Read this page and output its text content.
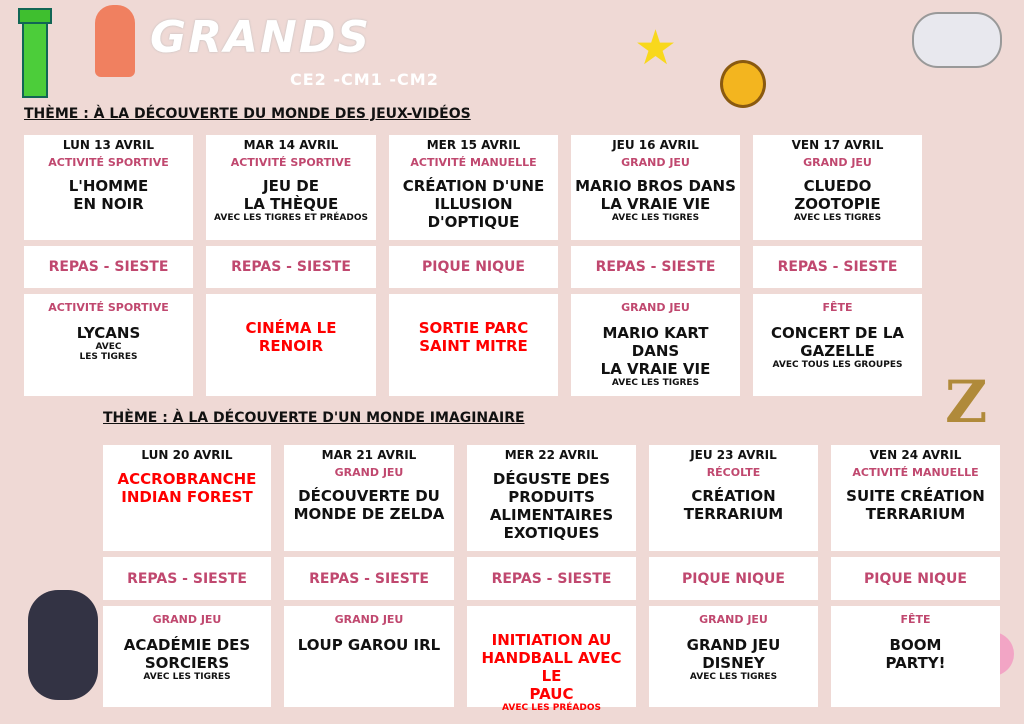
GRANDS
CE2 -CM1 -CM2
★
Z
THÈME : À LA DÉCOUVERTE DU MONDE DES JEUX-VIDÉOS
LUN 13 AVRIL
ACTIVITÉ SPORTIVE
L'HOMME
EN NOIR
REPAS - SIESTE
ACTIVITÉ SPORTIVE
LYCANS
AVEC
LES TIGRES
MAR 14 AVRIL
ACTIVITÉ SPORTIVE
JEU DE
LA THÈQUE
AVEC LES TIGRES ET PRÉADOS
REPAS - SIESTE
CINÉMA LE
RENOIR
MER 15 AVRIL
ACTIVITÉ MANUELLE
CRÉATION D'UNE
ILLUSION D'OPTIQUE
PIQUE NIQUE
SORTIE PARC
SAINT MITRE
JEU 16 AVRIL
GRAND JEU
MARIO BROS DANS
LA VRAIE VIE
AVEC LES TIGRES
REPAS - SIESTE
GRAND JEU
MARIO KART
DANS
LA VRAIE VIE
AVEC LES TIGRES
VEN 17 AVRIL
GRAND JEU
CLUEDO
ZOOTOPIE
AVEC LES TIGRES
REPAS - SIESTE
FÊTE
CONCERT DE LA
GAZELLE
AVEC TOUS LES GROUPES
THÈME : À LA DÉCOUVERTE D'UN MONDE IMAGINAIRE
LUN 20 AVRIL
ACCROBRANCHE
INDIAN FOREST
REPAS - SIESTE
GRAND JEU
ACADÉMIE DES
SORCIERS
AVEC LES TIGRES
MAR 21 AVRIL
GRAND JEU
DÉCOUVERTE DU
MONDE DE ZELDA
REPAS - SIESTE
GRAND JEU
LOUP GAROU IRL
MER 22 AVRIL
DÉGUSTE DES
PRODUITS
ALIMENTAIRES
EXOTIQUES
REPAS - SIESTE
INITIATION AU
HANDBALL AVEC LE
PAUC
AVEC LES PRÉADOS
JEU 23 AVRIL
RÉCOLTE
CRÉATION
TERRARIUM
PIQUE NIQUE
GRAND JEU
GRAND JEU
DISNEY
AVEC LES TIGRES
VEN 24 AVRIL
ACTIVITÉ MANUELLE
SUITE CRÉATION
TERRARIUM
PIQUE NIQUE
FÊTE
BOOM
PARTY!
